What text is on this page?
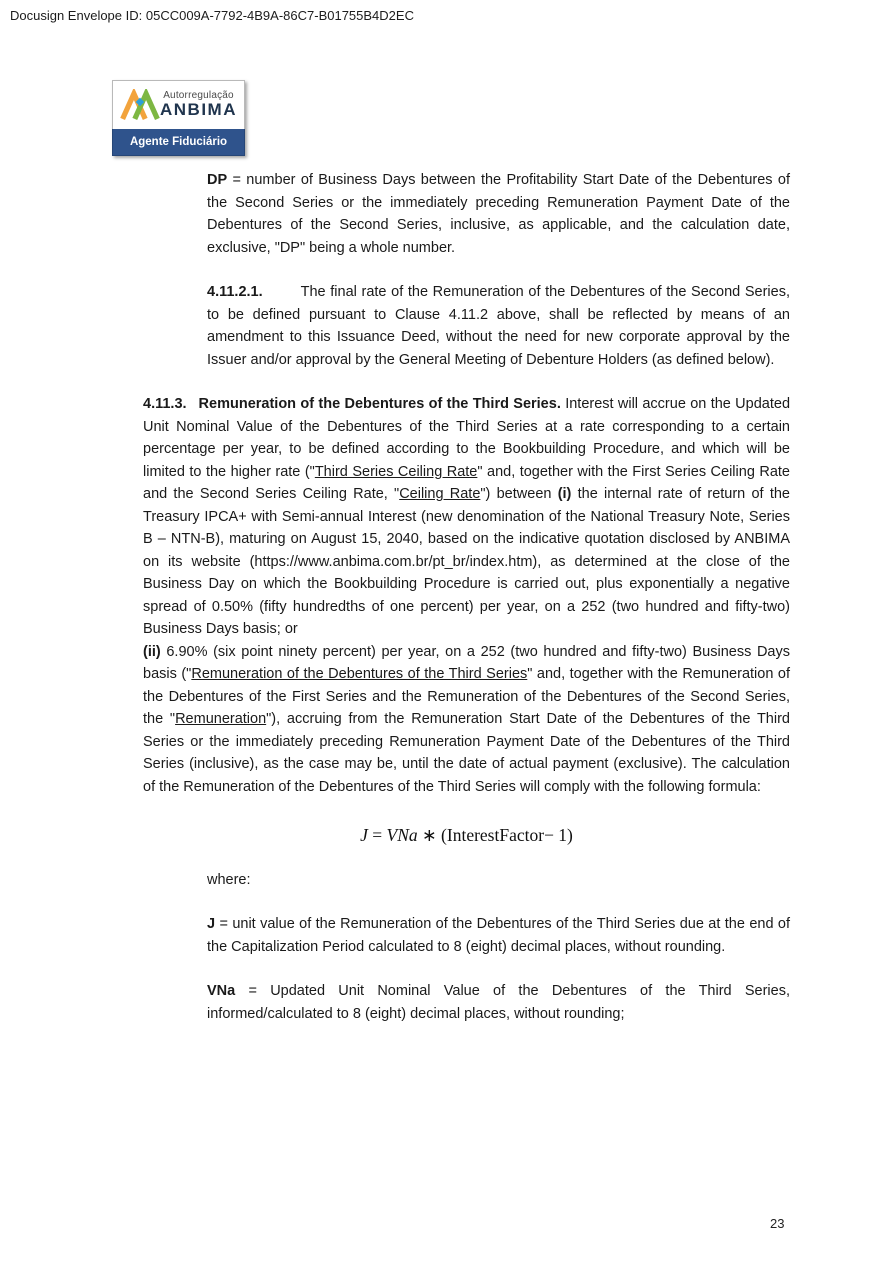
Docusign Envelope ID: 05CC009A-7792-4B9A-86C7-B01755B4D2EC
Autorregulação
ANBIMA
Agente Fiduciário
DP = number of Business Days between the Profitability Start Date of the Debentures of the Second Series or the immediately preceding Remuneration Payment Date of the Debentures of the Second Series, inclusive, as applicable, and the calculation date, exclusive, "DP" being a whole number.
4.11.2.1.	The final rate of the Remuneration of the Debentures of the Second Series, to be defined pursuant to Clause 4.11.2 above, shall be reflected by means of an amendment to this Issuance Deed, without the need for new corporate approval by the Issuer and/or approval by the General Meeting of Debenture Holders (as defined below).
4.11.3. Remuneration of the Debentures of the Third Series. Interest will accrue on the Updated Unit Nominal Value of the Debentures of the Third Series at a rate corresponding to a certain percentage per year, to be defined according to the Bookbuilding Procedure, and which will be limited to the higher rate ("Third Series Ceiling Rate" and, together with the First Series Ceiling Rate and the Second Series Ceiling Rate, "Ceiling Rate") between (i) the internal rate of return of the Treasury IPCA+ with Semi-annual Interest (new denomination of the National Treasury Note, Series B – NTN-B), maturing on August 15, 2040, based on the indicative quotation disclosed by ANBIMA on its website (https://www.anbima.com.br/pt_br/index.htm), as determined at the close of the Business Day on which the Bookbuilding Procedure is carried out, plus exponentially a negative spread of 0.50% (fifty hundredths of one percent) per year, on a 252 (two hundred and fifty-two) Business Days basis; or
(ii) 6.90% (six point ninety percent) per year, on a 252 (two hundred and fifty-two) Business Days basis ("Remuneration of the Debentures of the Third Series" and, together with the Remuneration of the Debentures of the First Series and the Remuneration of the Debentures of the Second Series, the "Remuneration"), accruing from the Remuneration Start Date of the Debentures of the Third Series or the immediately preceding Remuneration Payment Date of the Debentures of the Third Series (inclusive), as the case may be, until the date of actual payment (exclusive). The calculation of the Remuneration of the Debentures of the Third Series will comply with the following formula:
J = VNa ∗ (InterestFactor− 1)
where:
J = unit value of the Remuneration of the Debentures of the Third Series due at the end of the Capitalization Period calculated to 8 (eight) decimal places, without rounding.
VNa = Updated Unit Nominal Value of the Debentures of the Third Series, informed/calculated to 8 (eight) decimal places, without rounding;
23
